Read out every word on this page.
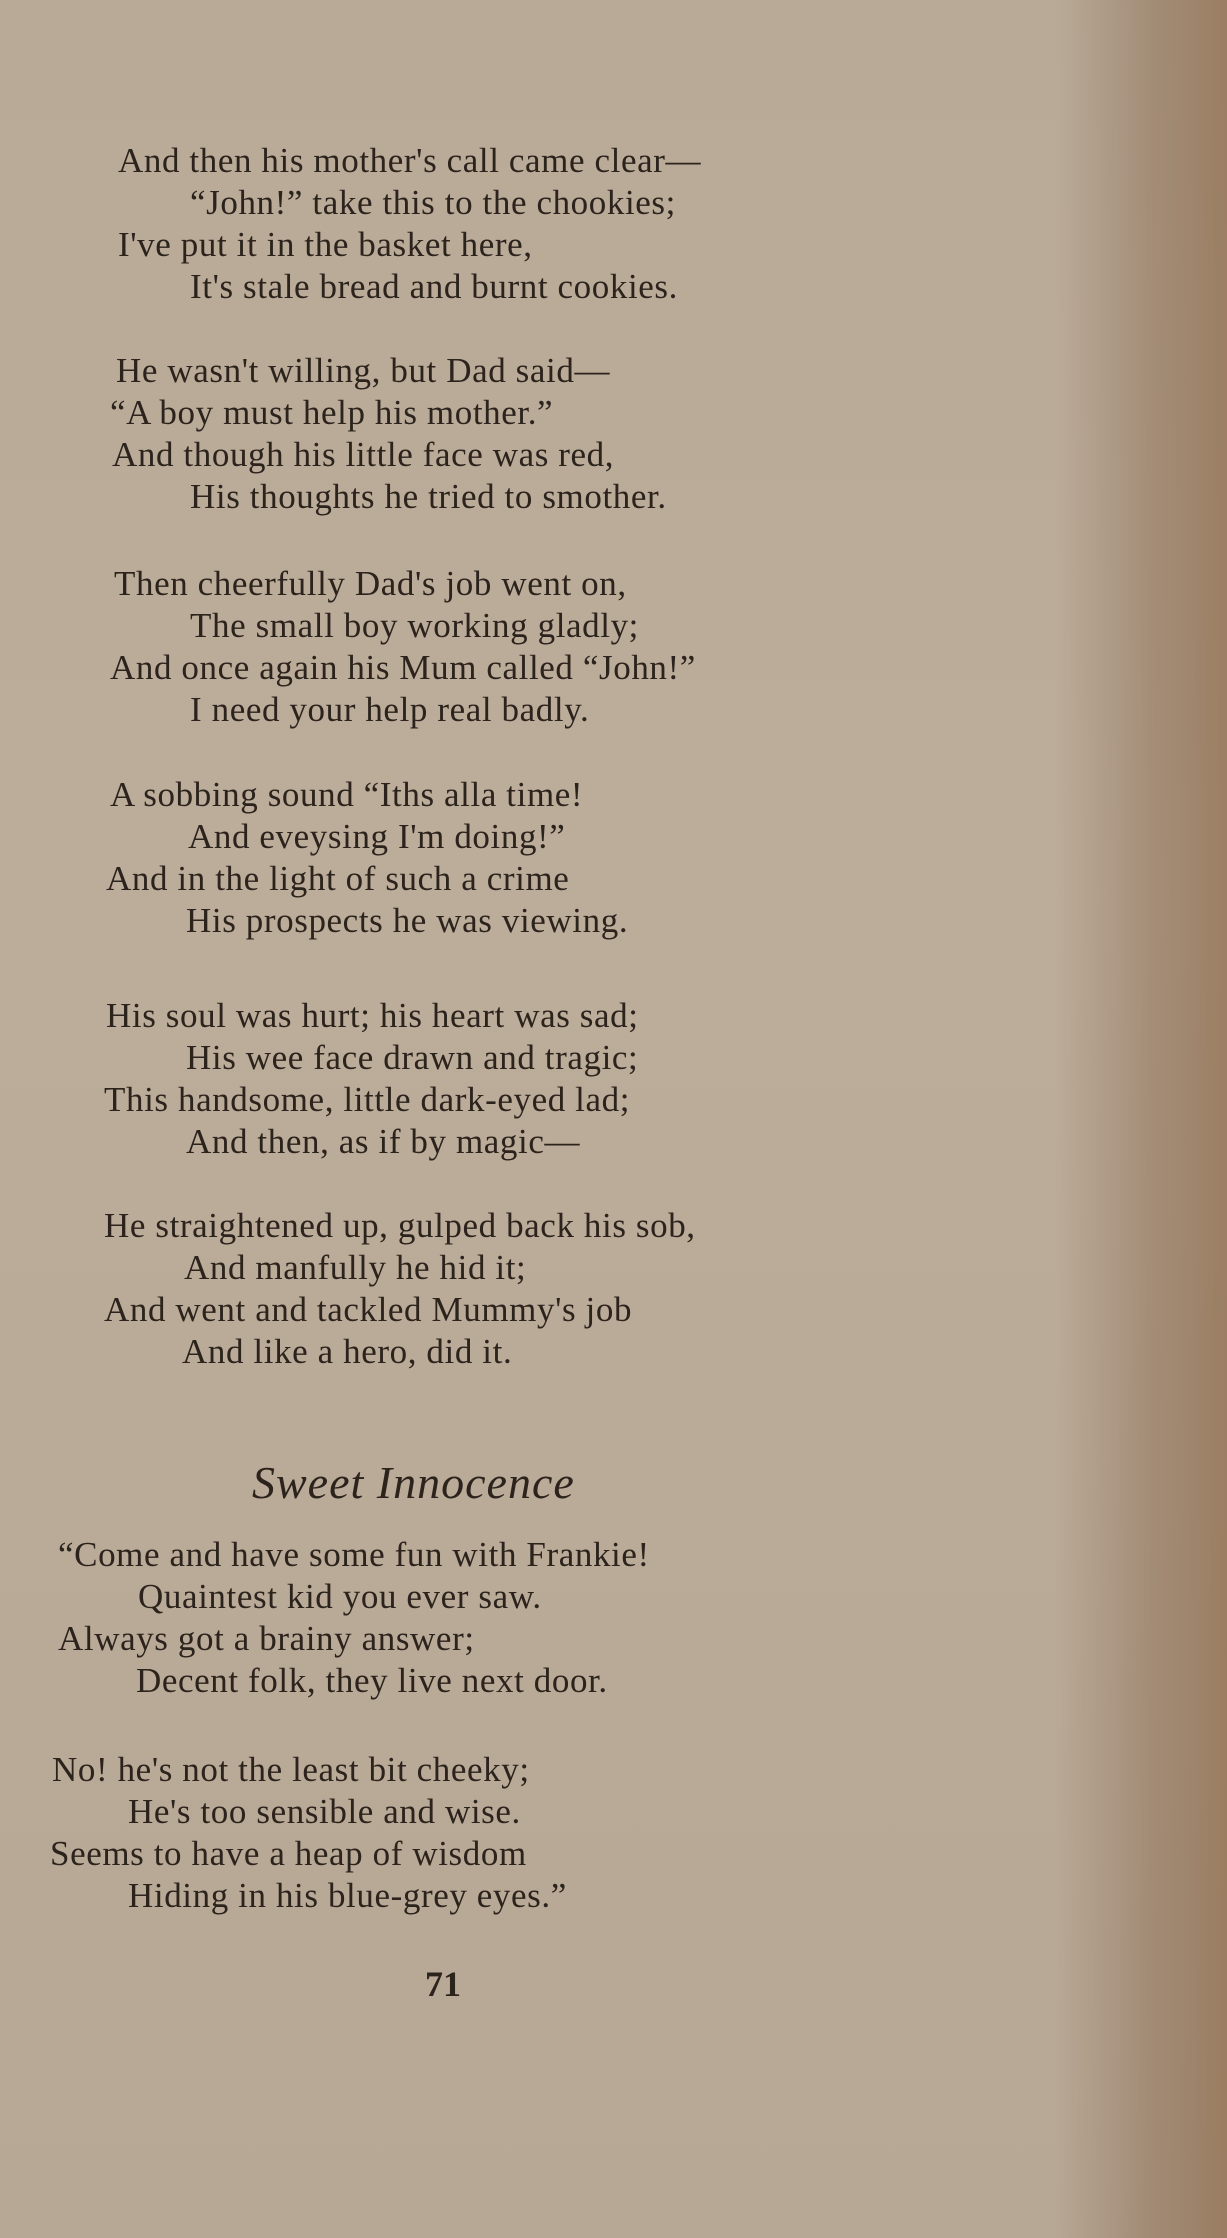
And then his mother's call came clear—
“John!” take this to the chookies;
I've put it in the basket here,
It's stale bread and burnt cookies.
He wasn't willing, but Dad said—
“A boy must help his mother.”
And though his little face was red,
His thoughts he tried to smother.
Then cheerfully Dad's job went on,
The small boy working gladly;
And once again his Mum called “John!”
I need your help real badly.
A sobbing sound “Iths alla time!
And eveysing I'm doing!”
And in the light of such a crime
His prospects he was viewing.
His soul was hurt; his heart was sad;
His wee face drawn and tragic;
This handsome, little dark-eyed lad;
And then, as if by magic—
He straightened up, gulped back his sob,
And manfully he hid it;
And went and tackled Mummy's job
And like a hero, did it.
Sweet Innocence
“Come and have some fun with Frankie!
Quaintest kid you ever saw.
Always got a brainy answer;
Decent folk, they live next door.
No! he's not the least bit cheeky;
He's too sensible and wise.
Seems to have a heap of wisdom
Hiding in his blue-grey eyes.”
71
